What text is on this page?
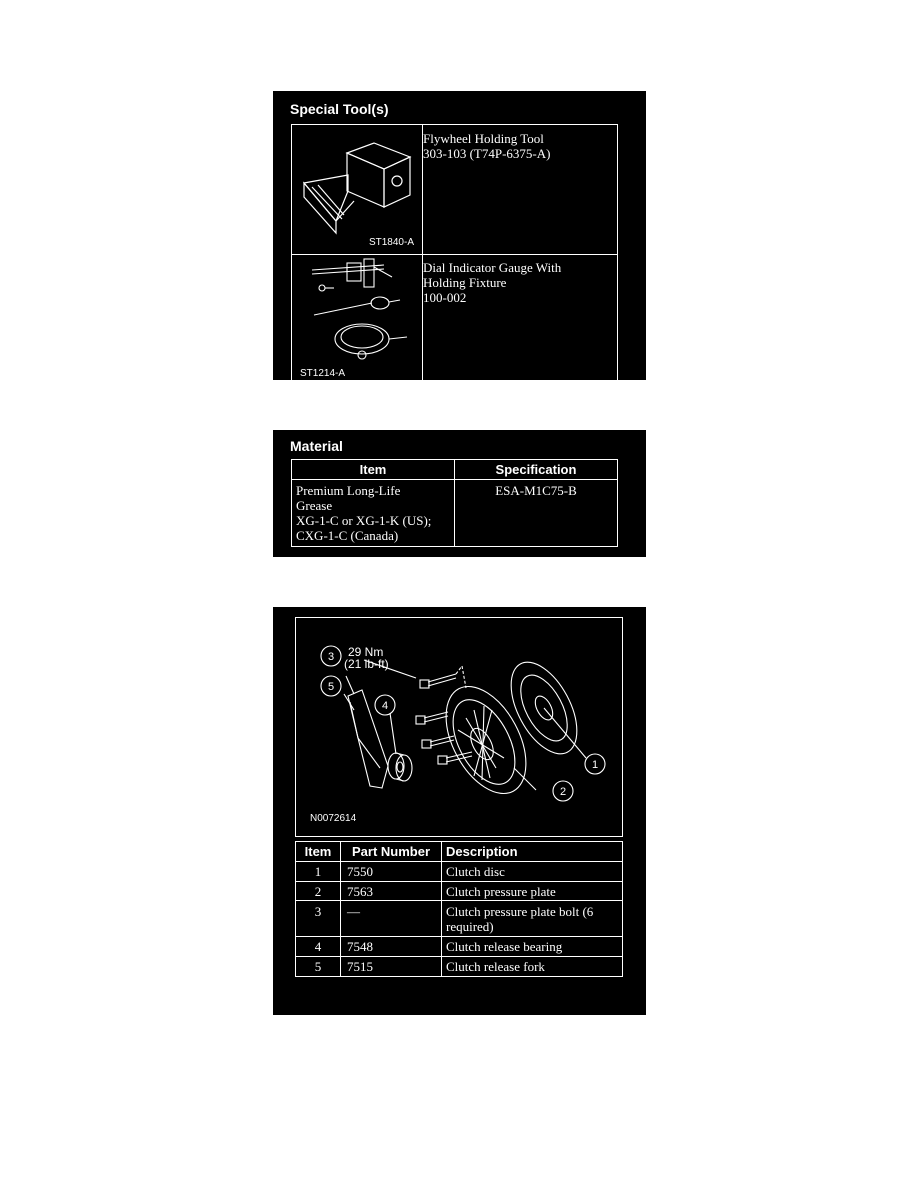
Special Tool(s)
ST1840-A	Flywheel Holding Tool
303-103 (T74P-6375-A)

ST1214-A	Dial Indicator Gauge With
Holding Fixture
100-002
Material
Item	Specification

Premium Long-Life
Grease
XG-1-C or XG-1-K (US);
CXG-1-C (Canada)	ESA-M1C75-B
3
5
4
2
1
29 Nm
(21 lb-ft)
N0072614
Item	Part Number	Description
1	7550	Clutch disc
2	7563	Clutch pressure plate
3	—	Clutch pressure plate bolt (6
required)

4	7548	Clutch release bearing
5	7515	Clutch release fork
